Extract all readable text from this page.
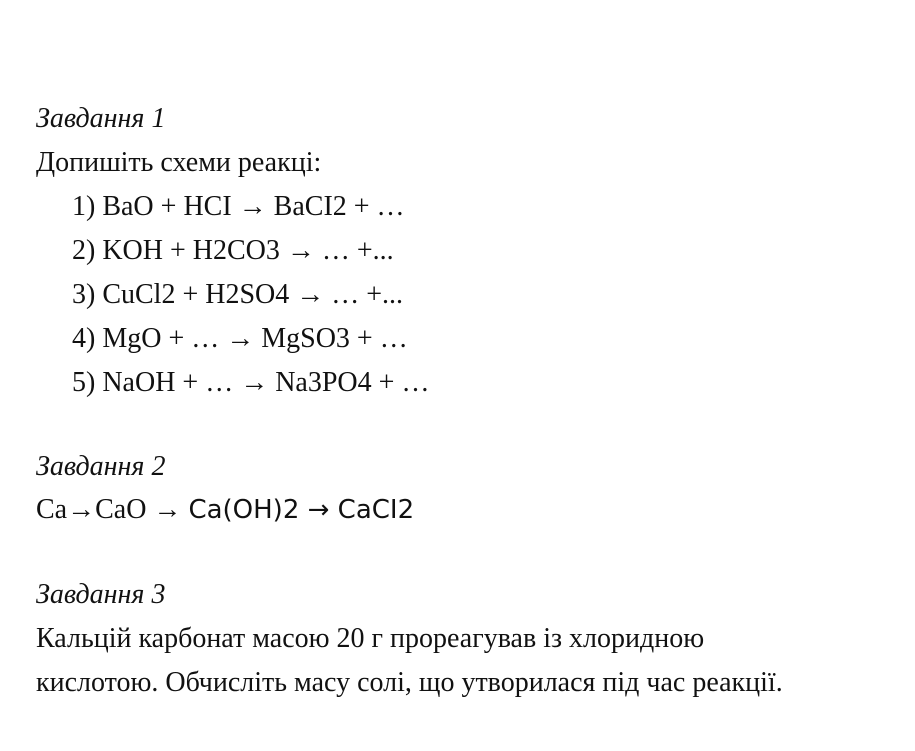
Завдання 1
Допишіть схеми реакці:
1) BaO + HCI → BaCI2 + …
2) KOH + H2CO3 → … +...
3) CuCl2 + H2SO4 → … +...
4) MgO + … → MgSO3 + …
5) NaOH + … → Na3PO4 + …
Завдання 2
Ca→CaO → Ca(OH)2 → CaCI2
Завдання 3
Кальцій карбонат масою 20 г прореагував із хлоридною
кислотою. Обчисліть масу солі, що утворилася під час реакції.
